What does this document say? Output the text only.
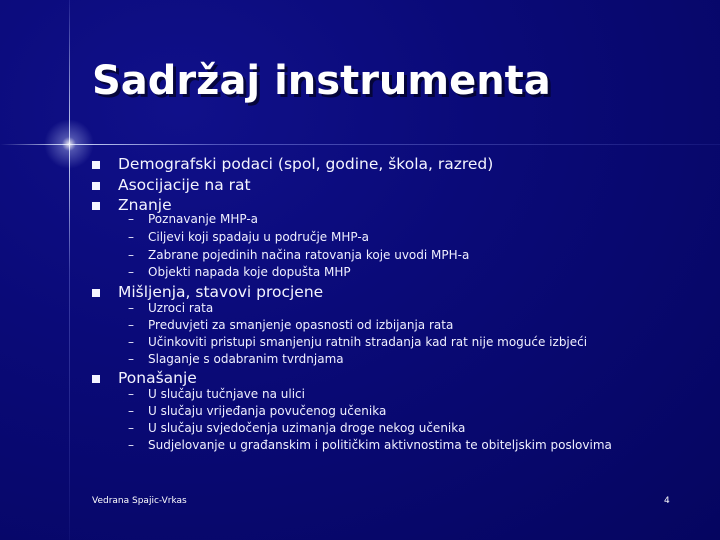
Sadržaj instrumenta
Demografski podaci (spol, godine, škola, razred)
Asocijacije na rat
Znanje
– Poznavanje MHP-a
– Ciljevi koji spadaju u područje MHP-a
– Zabrane pojedinih načina ratovanja koje uvodi MPH-a
– Objekti napada koje dopušta MHP
Mišljenja, stavovi procjene
– Uzroci rata
– Preduvjeti za smanjenje opasnosti od izbijanja rata
– Učinkoviti pristupi smanjenju ratnih stradanja kad rat nije moguće izbjeći
– Slaganje s odabranim tvrdnjama
Ponašanje
– U slučaju tučnjave na ulici
– U slučaju vrijeđanja povučenog učenika
– U slučaju svjedočenja uzimanja droge nekog učenika
– Sudjelovanje u građanskim i političkim aktivnostima te obiteljskim poslovima
Vedrana Spajic-Vrkas	4
